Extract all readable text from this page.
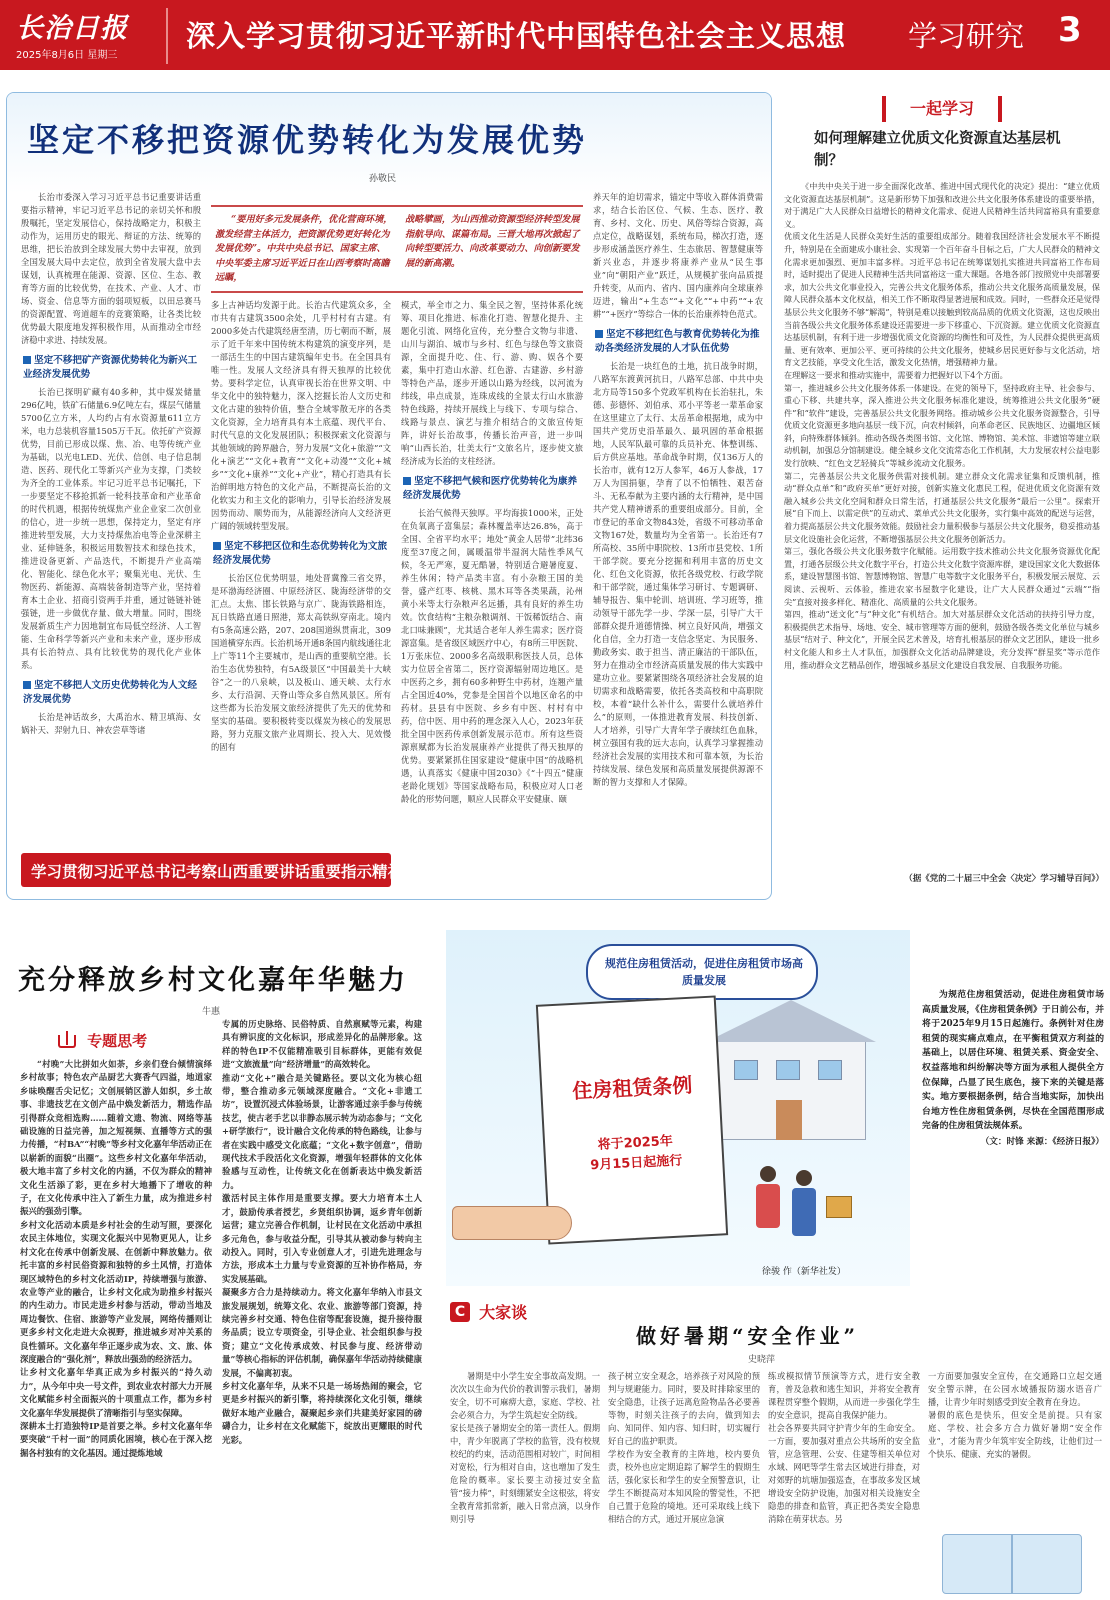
长治日报
2025年8月6日 星期三
深入学习贯彻习近平新时代中国特色社会主义思想 学习研究 3
坚定不移把资源优势转化为发展优势
孙敬民

长治市委深入学习习近平总书记重要讲话重要指示精神，牢记习近平总书记的亲切关怀和殷殷嘱托，坚定发展信心，保持战略定力，积极主动作为，运用历史的眼光、辩证的方法、统筹的思维，把长治放到全球发展大势中去审视，放到全国发展大局中去定位，放到全省发展大盘中去谋划，认真梳理在能源、资源、区位、生态、教育等方面的比较优势，在技术、产业、人才、市场、资金、信息等方面的弱项短板，以田忌赛马的资源配置、弯道超车的竞赛策略，让各类比较优势最大限度地发挥积极作用，从而推动全市经济稳中求进、持续发展。

坚定不移把矿产资源优势转化为新兴工业经济发展优势

长治已探明矿藏有40多种，其中煤炭储量296亿吨，铁矿石储量6.9亿吨左右，煤层气储量5700亿立方米，人均约占有水资源量611立方米，电力总装机容量1505万千瓦。依托矿产资源优势，目前已形成以煤、焦、冶、电等传统产业为基础，以光电LED、光伏、信创、电子信息制造、医药、现代化工等新兴产业为支撑，门类较为齐全的工业体系。牢记习近平总书记嘱托，下一步要坚定不移抢抓新一轮科技革命和产业革命的时代机遇，根据传统煤焦产业企业家二次创业的信心，进一步统一思想，保持定力，坚定有序推进转型发展，大力支持煤焦冶电等企业深耕主业、延伸链条，积极运用数智技术和绿色技术，推进设备更新、产品迭代，不断提升产业高端化、智能化、绿色化水平；聚集光电、光伏、生物医药、新能源、高端装备制造等产业，坚持着育本土企业、招商引资两手并重，通过链链补链强链，进一步做优存量、做大增量。同时，围绕发展新质生产力因地制宜布局低空经济、人工智能、生命科学等新兴产业和未来产业，逐步形成具有长治特点、具有比较优势的现代化产业体系。

坚定不移把人文历史优势转化为人文经济发展优势

长治是神话故乡，大禹治水、精卫填海、女娲补天、羿射九日、神农尝草等诸

“要用好多元发展条件，优化营商环境，激发经营主体活力，把资源优势更好转化为发展优势”。中共中央总书记、国家主席、中央军委主席习近平近日在山西考察时高瞻远瞩，
战略擘画，为山西推动资源型经济转型发展指航导向、谋篇布局。三晋大地再次掀起了向转型要活力、向改革要动力、向创新要发展的新高潮。

多上古神话均发源于此。长治古代建筑众多，全市共有古建筑3500余处，几乎村村有古建。有2000多处古代建筑经唐至清，历七朝而不断，展示了近千年来中国传统木构建筑的演变序列，是一部活生生的中国古建筑编年史书。在全国具有唯一性。发展人文经济具有得天独厚的比较优势。要科学定位，认真审视长治在世界文明、中华文化中的独特魅力，深入挖掘长治人文历史和文化古建的独特价值，整合全域零散无序的各类文化资源，全力培育具有本土底蕴、现代平台、时代气息的文化发展团队；积极探索文化资源与其他领域的跨界融合，努力发展“文化+旅游”“文化+演艺”“文化+教育”“文化+动漫”“文化+城乡”“文化+康养”“文化+产业”，精心打造具有长治鲜明地方特色的文化产品，不断提高长治的文化软实力和主文化的影响力，引导长治经济发展因势而动、顺势而为，从能源经济向人文经济更广阔的领域转型发展。

坚定不移把区位和生态优势转化为文旅经济发展优势

长治区位优势明显，地处晋冀豫三省交界，是环渤海经济圈、中原经济区、陇海经济带的交汇点。太焦、邯长铁路与京广、陇海铁路相连，瓦日铁路直通日照港，郑太高铁纵穿南北。境内有5条高速公路，207、208国道纵贯南北，309国道横穿东西。长治机场开通8条国内航线通往北上广等11个主要城市，是山西的重要航空港。长治生态优势独特，有5A级景区“中国最美十大峡谷”之一的八泉峡，以及板山、通天峡、太行水乡、太行沿洞、天脊山等众多自然风景区。所有这些都为长治发展文旅经济提供了先天的优势和坚实的基础。要积极转变以煤炭为核心的发展思路，努力克服文旅产业周期长、投入大、见效慢的固有

模式，举全市之力、集全民之智，坚持体系化统筹、项目化推进、标准化打造、智慧化提升、主题化引流、网络化宣传，充分整合文物与非遗、山川与湖泊、城市与乡村、红色与绿色等文旅资源，全面提升吃、住、行、游、购、娱各个要素，集中打造山水游、红色游、古建游、乡村游等特色产品，逐步开通以山路为经线，以河流为纬线，串点成景，连珠成线的全景太行山水旅游特色线路，持续开展线上与线下、专项与综合、线路与景点、演艺与推介相结合的文旅宣传矩阵，讲好长治故事，传播长治声音，进一步叫响“山西长治，壮美太行”文旅名片，逐步使文旅经济成为长治的支柱经济。

坚定不移把气候和医疗优势转化为康养经济发展优势

长治气候得天独厚。平均海拔1000米，正处在负氧离子富集层；森林覆盖率达26.8%，高于全国、全省平均水平；地处“黄金人居带”北纬36度至37度之间，属暖温带半湿润大陆性季风气候，冬无严寒，夏无酷暑，特别适合避暑度夏、养生休闲；特产品类丰富。有小杂粮王国的美誉，盛产红枣、核桃、黑木耳等各类果蔬，沁州黄小米等太行杂粮声名远播，具有良好的养生功效。饮食结构“主粮杂粮调剂、干饭稀饭结合、南北口味兼顾”，尤其适合老年人养生需求；医疗资源富集。是省级区域医疗中心，有8所三甲医院、1万张床位、2000多名高级职称医技人员，总体实力位居全省第二，医疗资源辐射周边地区。是中医药之乡，拥有60多种野生中药材，连翘产量占全国近40%，党参是全国首个以地区命名的中药材。县县有中医院、乡乡有中医、村村有中药，信中医、用中药的理念深入人心，2023年获批全国中医药传承创新发展示范市。所有这些资源禀赋都为长治发展康养产业提供了得天独厚的优势。要紧紧抓住国家建设“健康中国”的战略机遇，认真落实《健康中国2030》《“十四五”健康老龄化规划》等国家战略布局，积极应对人口老龄化的形势问题，顺应人民群众平安健康、颐

养天年的迫切需求，锚定中等收入群体消费需求，结合长治区位、气候、生态、医疗、教育、乡村、文化、历史、风俗等综合资源，高点定位，战略谋划，系统布局，梯次打造，逐步形成涵盖医疗养生、生态旅居、智慧健康等新兴业态，并逐步将康养产业从“民生事业”向“朝阳产业”跃迁，从规模扩张向品质提升转变，从而内、省内、国内康养向全球康养迈进，输出“+生态”“+文化”“+中药”“+农耕”“+医疗”等综合一体的长治康养特色范式。

坚定不移把红色与教育优势转化为推动各类经济发展的人才队伍优势

长治是一块红色的土地，抗日战争时期，八路军东渡黄河抗日，八路军总部、中共中央北方局等150多个党政军机构在长治驻扎，朱德、彭德怀、刘伯承、邓小平等老一辈革命家在这里建立了太行、太岳革命根据地，成为中国共产党历史沿革最久、最巩固的革命根据地，人民军队最可靠的兵员补充、体整训练、后方供应基地。革命战争时期，仅136万人的长治市，就有12万人参军，46万人参战，17万人为国捐躯，孕育了以不怕牺牲、艰苦奋斗、无私奉献为主要内涵的太行精神，是中国共产党人精神谱系的重要组成部分。目前，全市登记的革命文物843处，省级不可移动革命文物167处，数量均为全省第一。长治还有7所高校、35所中职院校、13所市县党校、1所干部学院。要充分挖掘和利用丰富的历史文化、红色文化资源，依托各级党校、行政学院和干部学院，通过集体学习研讨、专题调研、辅导报告、集中轮训、培训班、学习班等，推动领导干部先学一步、学深一层，引导广大干部群众提升道德情操、树立良好风尚，增强文化自信，全力打造一支信念坚定、为民服务、勤政务实、敢于担当、清正廉洁的干部队伍，努力在推动全市经济高质量发展的伟大实践中建功立业。要紧紧围绕各项经济社会发展的迫切需求和战略需要，依托各类高校和中高职院校，本着“缺什么补什么，需要什么就培养什么”的原则，一体推进教育发展、科技创新、人才培养，引导广大青年学子赓续红色血脉，树立强国有我的远大志向，认真学习掌握推动经济社会发展的实用技术和可靠本领，为长治持续发展、绿色发展和高质量发展提供源源不断的智力支撑和人才保障。

学习贯彻习近平总书记考察山西重要讲话重要指示精神
一起学习
如何理解建立优质文化资源直达基层机制？
《中共中央关于进一步全面深化改革、推进中国式现代化的决定》提出：“建立优质文化资源直达基层机制”。这是新形势下加强和改进公共文化服务体系建设的重要举措，对于满足广大人民群众日益增长的精神文化需求、促进人民精神生活共同富裕具有重要意义。
优质文化生活是人民群众美好生活的重要组成部分。随着我国经济社会发展水平不断提升，特别是在全面建成小康社会、实现第一个百年奋斗目标之后，广大人民群众的精神文化需求更加强烈、更加丰富多样。习近平总书记在统筹谋划扎实推进共同富裕工作布局时，适时提出了促进人民精神生活共同富裕这一重大课题。各地各部门按照党中央部署要求，加大公共文化事业投入，完善公共文化服务体系，推动公共文化服务高质量发展，保障人民群众基本文化权益，相关工作不断取得显著进展和成效。同时，一些群众还是觉得基层公共文化服务不够“解渴”，特别是难以接触到较高品质的优质文化资源，这也反映出当前各级公共文化服务体系建设还需要进一步下移重心、下沉资源。建立优质文化资源直达基层机制，有利于进一步增强优质文化资源的均衡性和可及性，为人民群众提供更高质量、更有效率、更加公平、更可持续的公共文化服务，使城乡居民更好参与文化活动，培育文艺技能，享受文化生活，激发文化热情，增强精神力量。
在理解这一要求和推动实施中，需要着力把握好以下4个方面。
第一，推进城乡公共文化服务体系一体建设。在党的领导下，坚持政府主导、社会参与、重心下移、共建共享，深入推进公共文化服务标准化建设，统筹推进公共文化服务“硬件”和“软件”建设，完善基层公共文化服务网络。推动城乡公共文化服务资源整合，引导优质文化资源更多地向基层一线下沉，向农村倾斜，向革命老区、民族地区、边疆地区倾斜，向特殊群体倾斜。推动各级各类图书馆、文化馆、博物馆、美术馆、非遗馆等建立联动机制，加强总分馆制建设。健全城乡文化交流常态化工作机制，大力发展农村公益电影发行放映、“红色文艺轻骑兵”等城乡流动文化服务。
第二，完善基层公共文化服务供需对接机制。建立群众文化需求征集和反馈机制，推动“群众点单”和“政府买单”更好对接，创新实施文化惠民工程，促进优质文化资源有效融入城乡公共文化空间和群众日常生活，打通基层公共文化服务“最后一公里”。探索开展“自下而上、以需定供”的互动式、菜单式公共文化服务，实行集中高效的配送与运营，着力提高基层公共文化服务效能。鼓励社会力量积极参与基层公共文化服务，稳妥推动基层文化设施社会化运营，不断增强基层公共文化服务创新活力。
第三，强化各级公共文化服务数字化赋能。运用数字技术推动公共文化服务资源优化配置，打通各层级公共文化数字平台，打造公共文化数字资源库群，建设国家文化大数据体系，建设智慧图书馆、智慧博物馆、智慧广电等数字文化服务平台，积极发展云展览、云阅读、云视听、云体验，推进农家书屋数字化建设，让广大人民群众通过“云端”“指尖”直接对接多样化、精准化、高质量的公共文化服务。
第四，推动“送文化”与“种文化”有机结合。加大对基层群众文化活动的扶持引导力度，积极提供艺术指导、场地、安全、城市管理等方面的便利，鼓励各级各类文化单位与城乡基层“结对子、种文化”，开展全民艺术普及，培育扎根基层的群众文艺团队，建设一批乡村文化能人和乡土人才队伍，加强群众文化活动品牌建设，充分发挥“群星奖”等示范作用，推动群众文艺精品创作，增强城乡基层文化建设自我发展、自我服务功能。
（据《党的二十届三中全会〈决定〉学习辅导百问》）
充分释放乡村文化嘉年华魅力
牛惠
专题思考
“村晚”大比拼如火如荼，乡亲们登台倾情演绎乡村故事；特色农产品厨艺大赛香气四溢，地道家乡味唤醒舌尖记忆；文创展销区游人如织，乡土故事、非遗技艺在文创产品中焕发新活力，精选作品引得群众竞相选购……随着文遗、物流、网络等基础设施的日益完善，加之短视频、直播等方式的强力传播，“村BA”“村晚”等乡村文化嘉年华活动正在以崭新的面貌“出圈”。这些乡村文化嘉年华活动，极大地丰富了乡村文化的内涵，不仅为群众的精神文化生活添了彩，更在乡村大地播下了增收的种子，在文化传承中注入了新生力量，成为推进乡村振兴的强劲引擎。
乡村文化活动本质是乡村社会的生动写照，要深化农民主体地位，实现文化振兴中见物更见人，让乡村文化在传承中创新发展、在创新中释放魅力。依托丰富的乡村民俗资源和独特的乡土风情，打造体现区域特色的乡村文化活动IP，持续增强与旅游、农业等产业的融合，让乡村文化成为助推乡村振兴的内生动力。市民走进乡村参与活动，带动当地及周边餐饮、住宿、旅游等产业发展，网络传播则让更多乡村文化走进大众视野，推进城乡对冲关系的良性循环。文化嘉年华正逐步成为农、文、旅、体深度融合的“强化剂”，释放出强劲的经济活力。
让乡村文化嘉年华真正成为乡村振兴的“持久动力”，从今年中央一号文件，到农业农村部大力开展文化赋能乡村全面振兴的十项重点工作，都为乡村文化嘉年华发展提供了清晰指引与坚实保障。
深耕本土打造独特IP是首要之举。乡村文化嘉年华要突破“千村一面”的同质化困境，核心在于深入挖掘各村独有的文化基因。通过提炼地域
专属的历史脉络、民俗特质、自然禀赋等元素，构建具有辨识度的文化标识，形成差异化的品牌形象。这样的特色IP不仅能精准吸引目标群体，更能有效促进“文旅流量”向“经济增量”的高效转化。
推动“文化+”融合是关键路径。要以文化为核心纽带，整合推动多元领域深度融合。“文化+非遗工坊”，设置沉浸式体验场景，让游客通过亲手参与传统技艺，使古老手艺以非静态展示转为动态参与；“文化+研学旅行”，设计融合文化传承的特色路线，让参与者在实践中感受文化底蕴；“文化+数字创意”，借助现代技术手段活化文化资源，增强年轻群体的文化体验感与互动性，让传统文化在创新表达中焕发新活力。
激活村民主体作用是重要支撑。要大力培育本土人才，鼓励传承者授艺，乡贤组织协调，返乡青年创新运营；建立完善合作机制，让村民在文化活动中承担多元角色，参与收益分配，引导其从被动参与转向主动投入。同时，引入专业创意人才，引进先进理念与方法，形成本土力量与专业资源的互补协作格局，夯实发展基础。
凝聚多方合力是持续动力。将文化嘉年华纳入市县文旅发展规划，统筹文化、农业、旅游等部门资源，持续完善乡村交通、特色住宿等配套设施，提升接待服务品质；设立专项资金，引导企业、社会组织参与投资；建立“文化传承成效、村民参与度、经济带动量”等核心指标的评估机制，确保嘉年华活动持续健康发展，不偏离初衷。
乡村文化嘉年华，从来不只是一场场热闹的聚会，它更是乡村振兴的新引擎，将持续深化文化引领，继续做好本地产业融合，凝聚起乡亲们共建美好家园的磅礴合力，让乡村在文化赋能下，绽放出更耀眼的时代光彩。
规范住房租赁活动，促进住房租赁市场高质量发展
住房租赁条例
将于2025年
9月15日起施行
徐骏 作（新华社发）
为规范住房租赁活动，促进住房租赁市场高质量发展，《住房租赁条例》于日前公布，并将于2025年9月15日起施行。条例针对住房租赁的现实痛点难点，在平衡租赁双方利益的基础上，以居住环境、租赁关系、资金安全、权益落地和纠纷解决等方面为承租人提供全方位保障，凸显了民生底色，接下来的关键是落实。地方要根据条例，结合当地实际，加快出台地方性住房租赁条例，尽快在全国范围形成完备的住房租赁法规体系。
（文：时锋 来源：《经济日报》）
C 大家谈
做好暑期“安全作业”
史晓萍
暑期是中小学生安全事故高发期。一次次以生命为代价的教训警示我们，暑期安全，切不可麻痹大意，家庭、学校、社会必须合力，为学生筑起安全防线。
家长是孩子暑期安全的第一责任人。假期中，青少年脱离了学校的监管，没有校规校纪的约束，活动范围相对较广，时间相对宽松，行为相对自由，这也增加了发生危险的概率。家长要主动接过安全监管“接力棒”，时刻绷紧安全这根弦，将安全教育常抓常新，融入日常点滴，以身作则引导
孩子树立安全观念，培养孩子对风险的预判与规避能力。同时，要及时排除家里的安全隐患，让孩子远离危险物品各必要善等物，时刻关注孩子的去向，做到知去向、知同伴、知内容、知归时，切实履行好自己的监护职责。
学校作为安全教育的主阵地，校内要负责，校外也应定期追踪了解学生的假期生活，强化家长和学生的安全预警意识，让学生不断提高对本知风险的警觉性，不把自己置于危险的境地。还可采取线上线下相结合的方式，通过开展应急演
练或模拟情节预演等方式，进行安全教育，普及急救和逃生知识，并将安全教育课程贯穿整个假期，从而进一步强化学生的安全意识，提高自我保护能力。
社会各界要共同守护青少年的生命安全。一方面，要加强对重点公共场所的安全监管，应急管理、公安、住建等相关单位对水域、网吧等学生常去区域进行排查，对对郊野的坑塘加强巡查，在事故多发区域增设安全防护设施，加强对相关设施安全隐患的排查和监管，真正把各类安全隐患消除在萌芽状态。另
一方面要加强安全宣传，在交通路口立起交通安全警示牌，在公园水域播报防溺水语音广播，让青少年时刻感受到安全教育在身边。
暑假的底色是快乐，但安全是前提。只有家庭、学校、社会多方合力做好暑期“安全作业”，才能为青少年筑牢安全防线，让他们过一个快乐、健康、充实的暑假。
